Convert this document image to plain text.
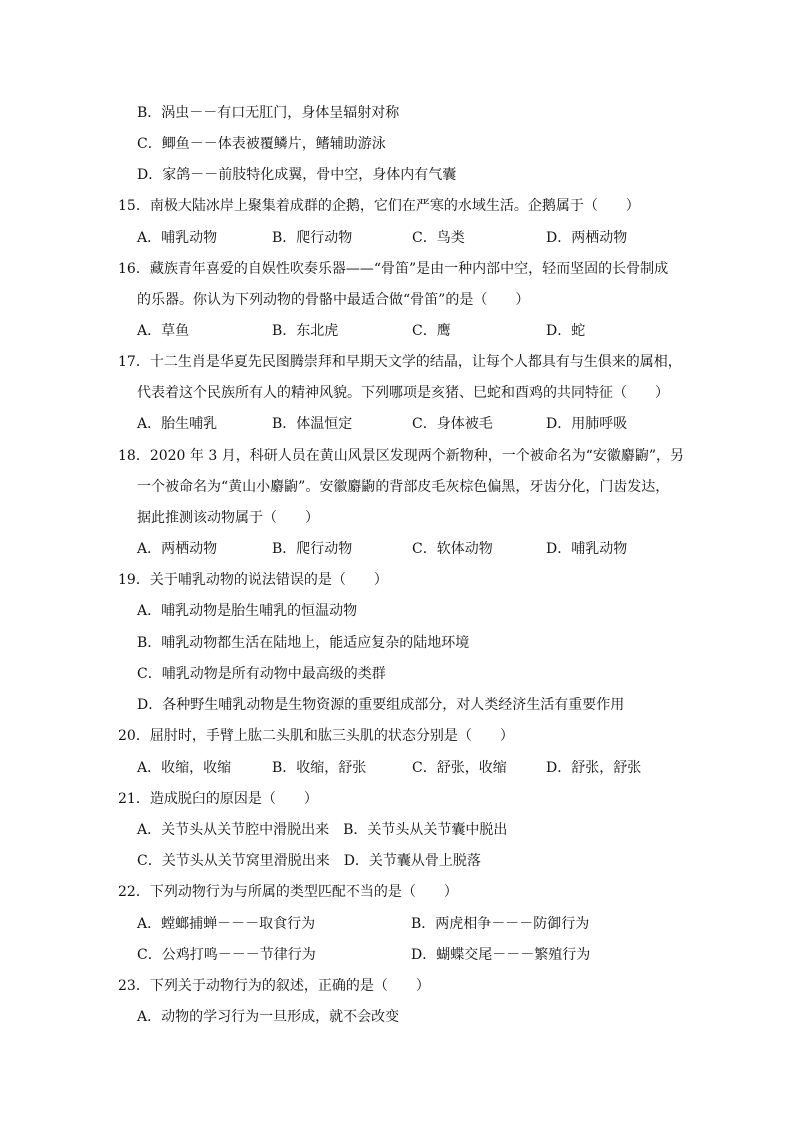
B．涡虫－－有口无肛门，身体呈辐射对称
C．鲫鱼－－体表被覆鳞片，鳍辅助游泳
D．家鸽－－前肢特化成翼，骨中空，身体内有气囊
15．南极大陆冰岸上聚集着成群的企鹅，它们在严寒的水域生活。企鹅属于（　　）
A．哺乳动物	B．爬行动物	C．鸟类	D．两栖动物
16．藏族青年喜爱的自娱性吹奏乐器——“骨笛”是由一种内部中空，轻而坚固的长骨制成
的乐器。你认为下列动物的骨骼中最适合做“骨笛”的是（　　）
A．草鱼	B．东北虎	C．鹰	D．蛇
17．十二生肖是华夏先民图腾崇拜和早期天文学的结晶，让每个人都具有与生俱来的属相，
代表着这个民族所有人的精神风貌。下列哪项是亥猪、巳蛇和酉鸡的共同特征（　　）
A．胎生哺乳	B．体温恒定	C．身体被毛	D．用肺呼吸
18．2020 年 3 月，科研人员在黄山风景区发现两个新物种，一个被命名为“安徽麝鼩”，另
一个被命名为“黄山小麝鼩”。安徽麝鼩的背部皮毛灰棕色偏黑，牙齿分化，门齿发达，
据此推测该动物属于（　　）
A．两栖动物	B．爬行动物	C．软体动物	D．哺乳动物
19．关于哺乳动物的说法错误的是（　　）
A．哺乳动物是胎生哺乳的恒温动物
B．哺乳动物都生活在陆地上，能适应复杂的陆地环境
C．哺乳动物是所有动物中最高级的类群
D．各种野生哺乳动物是生物资源的重要组成部分，对人类经济生活有重要作用
20．屈肘时，手臂上肱二头肌和肱三头肌的状态分别是（　　）
A．收缩，收缩	B．收缩，舒张	C．舒张，收缩	D．舒张，舒张
21．造成脱臼的原因是（　　）
A．关节头从关节腔中滑脱出来　B．关节头从关节囊中脱出
C．关节头从关节窝里滑脱出来　D．关节囊从骨上脱落
22．下列动物行为与所属的类型匹配不当的是（　　）
A．螳螂捕蝉－－－取食行为	B．两虎相争－－－防御行为
C．公鸡打鸣－－－节律行为	D．蝴蝶交尾－－－繁殖行为
23．下列关于动物行为的叙述，正确的是（　　）
A．动物的学习行为一旦形成，就不会改变
